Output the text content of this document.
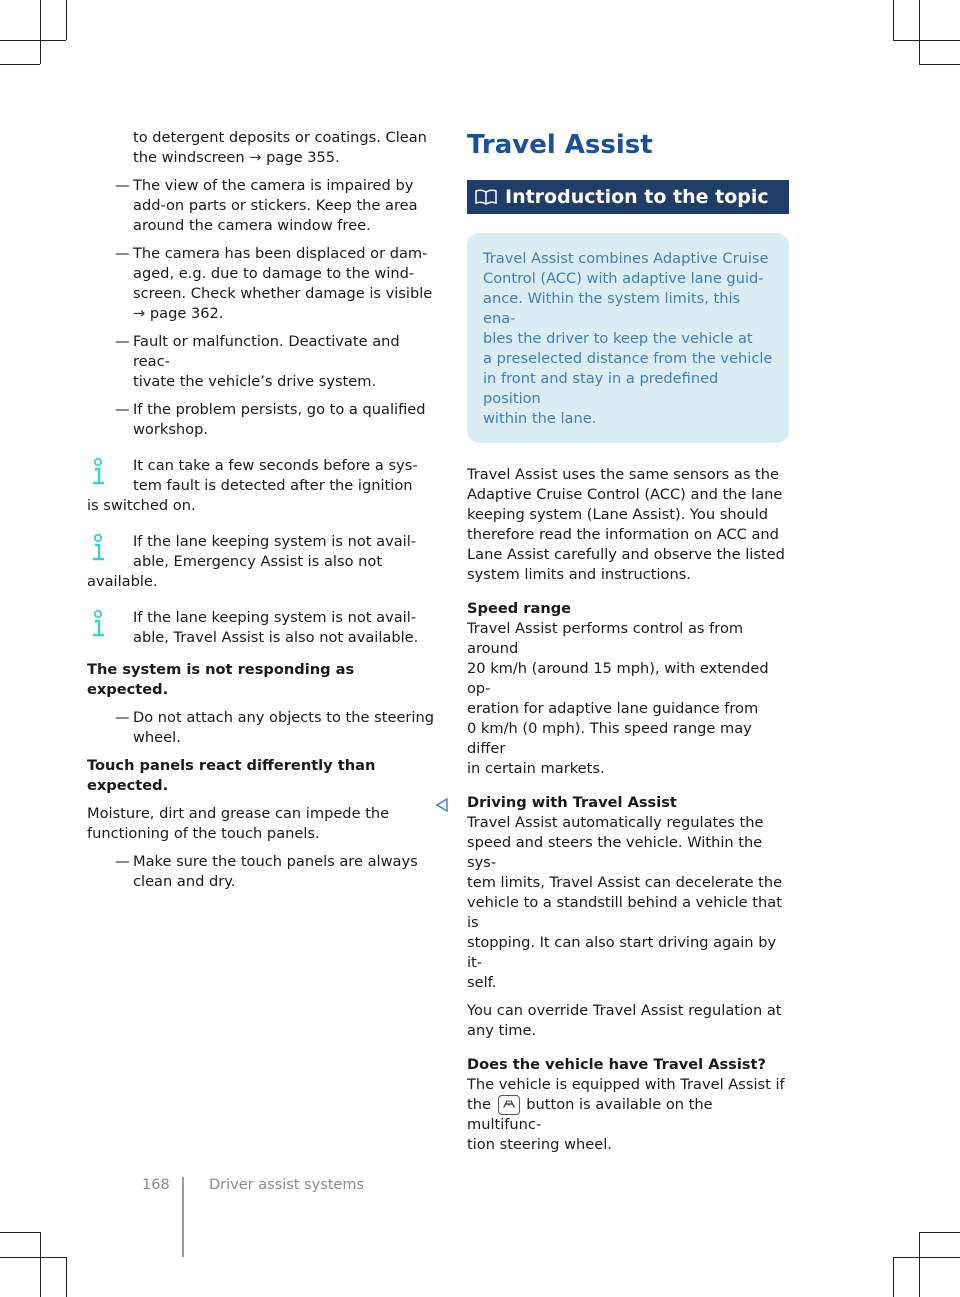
to detergent deposits or coatings. Clean
the windscreen → page 355.
— The view of the camera is impaired by
add-on parts or stickers. Keep the area
around the camera window free.
— The camera has been displaced or dam-
aged, e.g. due to damage to the wind-
screen. Check whether damage is visible
→ page 362.
— Fault or malfunction. Deactivate and reac-
tivate the vehicle’s drive system.
— If the problem persists, go to a qualified
workshop.
It can take a few seconds before a sys-

tem fault is detected after the ignition
is switched on.
If the lane keeping system is not avail-
able, Emergency Assist is also not
available.
If the lane keeping system is not avail-
able, Travel Assist is also not available.
The system is not responding as expected.
— Do not attach any objects to the steering
wheel.
Touch panels react differently than expected.
Moisture, dirt and grease can impede the
functioning of the touch panels.
— Make sure the touch panels are always
clean and dry.
Travel Assist
Introduction to the topic
Travel Assist combines Adaptive Cruise
Control (ACC) with adaptive lane guid-
ance. Within the system limits, this ena-
bles the driver to keep the vehicle at
a preselected distance from the vehicle
in front and stay in a predefined position
within the lane.
Travel Assist uses the same sensors as the
Adaptive Cruise Control (ACC) and the lane
keeping system (Lane Assist). You should
therefore read the information on ACC and
Lane Assist carefully and observe the listed
system limits and instructions.
Speed range
Travel Assist performs control as from around
20 km/h (around 15 mph), with extended op-
eration for adaptive lane guidance from
0 km/h (0 mph). This speed range may differ
in certain markets.
Driving with Travel Assist
Travel Assist automatically regulates the
speed and steers the vehicle. Within the sys-
tem limits, Travel Assist can decelerate the
vehicle to a standstill behind a vehicle that is
stopping. It can also start driving again by it-
self.
You can override Travel Assist regulation at
any time.
Does the vehicle have Travel Assist?
The vehicle is equipped with Travel Assist if
the button is available on the multifunc-
tion steering wheel.
168	Driver assist systems
